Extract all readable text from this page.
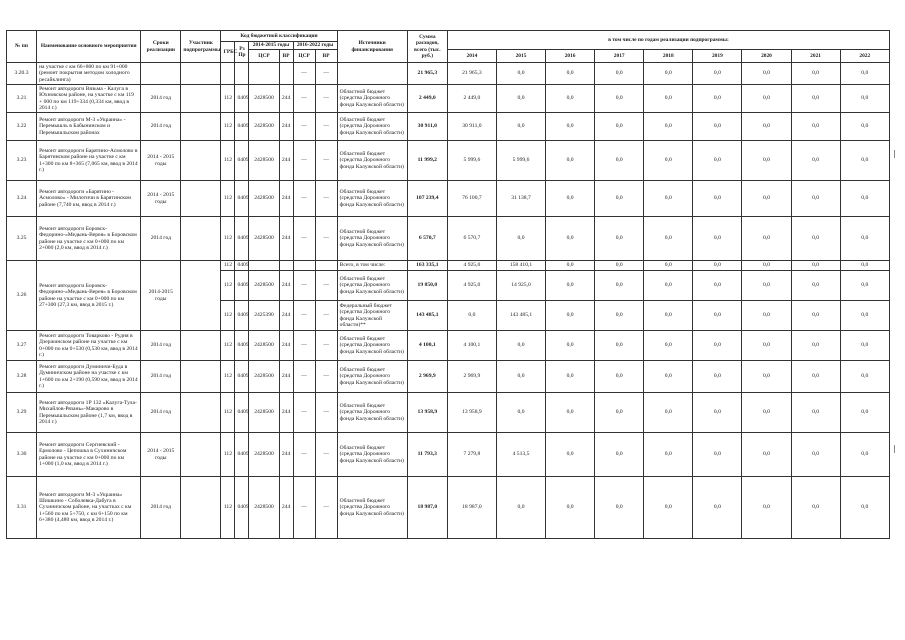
№ пп	Наименование основного мероприятия	Сроки реализации	Участник подпрограммы	Код бюджетной классификации						Источники финансирования	Сумма расходов, всего (тыс. руб.)	в том числе по годам реализации подпрограммы:								
				ГРБС	Рз Пр	2014-2015 годы		2016-2022 годы												
						ЦСР	ВР	ЦСР	ВР			2014	2015	2016	2017	2018	2019	2020	2021	2022

3.20.3	на участке с км 66+800 по км 91+000 (ремонт покрытия методом холодного ресайклинга)							—	—		21 965,3	21 965,3	0,0	0,0	0,0	0,0	0,0	0,0	0,0	0,0
3.21	Ремонт автодороги Вязьма - Калуга в Юхновском районе, на участке с км 119 + 000 по км 119+334 (0,334 км, ввод в 2014 г.)	2014 год		112	0409	2428500	244	—	—	Областной бюджет (средства Дорожного фонда Калужской области)	2 449,0	2 449,0	0,0	0,0	0,0	0,0	0,0	0,0	0,0	0,0
3.22	Ремонт автодороги М-3 «Украина» - Перемышль в Бабынинском и Перемышльском районах	2014 год		112	0409	2428500	244	—	—	Областной бюджет (средства Дорожного фонда Калужской области)	30 911,0	30 911,0	0,0	0,0	0,0	0,0	0,0	0,0	0,0	0,0
3.23	Ремонт автодороги Барятино-Асмолово в Барятинском районе на участке с км 1+300 по км 8+365 (7,065 км, ввод в 2014 г.)	2014 - 2015 годы		112	0409	2428500	244	—	—	Областной бюджет (средства Дорожного фонда Калужской области)	11 999,2	5 999,6	5 999,6	0,0	0,0	0,0	0,0	0,0	0,0	0,0
3.24	Ремонт автодороги «Барятино - Асмолово» - Милотичи в Барятинском районе (7,740 км, ввод в 2014 г.)	2014 - 2015 годы		112	0409	2428500	244	—	—	Областной бюджет (средства Дорожного фонда Калужской области)	107 239,4	76 100,7	31 138,7	0,0	0,0	0,0	0,0	0,0	0,0	0,0
3.25	Ремонт автодороги Боровск-Федорино-«Медынь-Верея» в Боровском районе на участке с км 0+000 по км 2+000 (2,0 км, ввод в 2014 г.)	2014 год		112	0409	2428500	244	—	—	Областной бюджет (средства Дорожного фонда Калужской области)	6 570,7	6 570,7	0,0	0,0	0,0	0,0	0,0	0,0	0,0	0,0
3.26	Ремонт автодороги Боровск-Федорино-«Медынь-Верея» в Боровском районе на участке с км 0+000 по км 27+300 (27,3 км, ввод в 2015 г.)	2014-2015 годы		112	0409					Всего, в том числе:	163 335,1	4 925,0	158 410,1	0,0	0,0	0,0	0,0	0,0	0,0	0,0
				112	0409	2428500	244	—	—	Областной бюджет (средства Дорожного фонда Калужской области)	19 850,0	4 925,0	14 925,0	0,0	0,0	0,0	0,0	0,0	0,0	0,0
				112	0409	2425390	244	—	—	Федеральный бюджет (средства Дорожного фонда Калужской области)**	143 485,1	0,0	143 485,1	0,0	0,0	0,0	0,0	0,0	0,0	0,0
3.27	Ремонт автодороги Товарково - Рудня в Дзержинском районе на участке с км 0+000 по км 0+530 (0,530 км, ввод в 2014 г.)	2014 год		112	0409	2428500	244	—	—	Областной бюджет (средства Дорожного фонда Калужской области)	4 100,1	4 100,1	0,0	0,0	0,0	0,0	0,0	0,0	0,0	0,0
3.28	Ремонт автодороги Думиничи-Буда в Думиничском районе на участке с км 1+600 по км 2+190 (0,590 км, ввод в 2014 г.)	2014 год		112	0409	2428500	244	—	—	Областной бюджет (средства Дорожного фонда Калужской области)	2 969,9	2 969,9	0,0	0,0	0,0	0,0	0,0	0,0	0,0	0,0
3.29	Ремонт автодороги 1Р 132 «Калуга-Тула-Михайлов-Рязань»-Макарово в Перемышльском районе (1,7 км, ввод в 2014 г.)	2014 год		112	0409	2428500	244	—	—	Областной бюджет (средства Дорожного фонда Калужской области)	13 958,9	13 958,9	0,0	0,0	0,0	0,0	0,0	0,0	0,0	0,0
3.30	Ремонт автодороги Сергиевский - Ермолово - Цепошка в Сухиничском районе на участке с км 0+000 по км 1+000 (1,0 км, ввод в 2014 г.)	2014 - 2015 годы		112	0409	2428500	244	—	—	Областной бюджет (средства Дорожного фонда Калужской области)	11 793,3	7 279,8	4 513,5	0,0	0,0	0,0	0,0	0,0	0,0	0,0
3.31	Ремонт автодороги М-3 «Украина» Шишкино - Соболевка-Дабуга в Сухиничском районе, на участках с км 1+560 по км 5+750, с км 6+150 по км 6+380 (4,480 км, ввод в 2014 г.)	2014 год		112	0409	2428500	244	—	—	Областной бюджет (средства Дорожного фонда Калужской области)	18 987,0	18 987,0	0,0	0,0	0,0	0,0	0,0	0,0	0,0	0,0
